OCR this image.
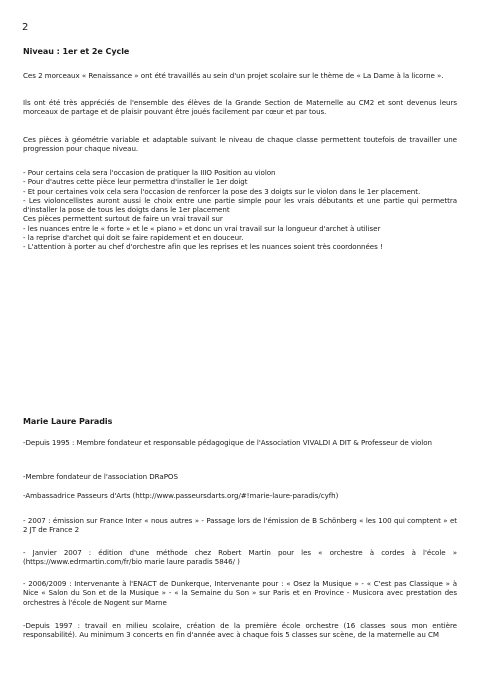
2
Niveau : 1er et 2e Cycle
Ces 2 morceaux « Renaissance » ont été travaillés au sein d'un projet scolaire sur le thème de « La Dame à la licorne ».
Ils ont été très appréciés de l'ensemble des élèves de la Grande Section de Maternelle au CM2 et sont devenus leurs morceaux de partage et de plaisir pouvant être joués facilement par cœur et par tous.
Ces pièces à géométrie variable et adaptable suivant le niveau de chaque classe permettent toutefois de travailler une progression pour chaque niveau.
- Pour certains cela sera l'occasion de pratiquer la IIIO Position au violon
- Pour d'autres cette pièce leur permettra d'installer le 1er doigt
- Et pour certaines voix cela sera l'occasion de renforcer la pose des 3 doigts sur le violon dans le 1er placement.
- Les violoncellistes auront aussi le choix entre une partie simple pour les vrais débutants et une partie qui permettra d'installer la pose de tous les doigts dans le 1er placement
Ces pièces permettent surtout de faire un vrai travail sur
- les nuances entre le « forte » et le « piano » et donc un vrai travail sur la longueur d'archet à utiliser
- la reprise d'archet qui doit se faire rapidement et en douceur.
- L'attention à porter au chef d'orchestre afin que les reprises et les nuances soient très coordonnées !
Marie Laure Paradis
-Depuis 1995 : Membre fondateur et responsable pédagogique de l'Association VIVALDI A DIT & Professeur de violon
-Membre fondateur de l'association DRaPOS
-Ambassadrice Passeurs d'Arts (http://www.passeursdarts.org/#!marie-laure-paradis/cyfh)
- 2007 : émission sur France Inter « nous autres » - Passage lors de l'émission de B Schönberg « les 100 qui comptent » et 2 JT de France 2
- Janvier 2007 : édition d'une méthode chez Robert Martin pour les « orchestre à cordes à l'école » (https://www.edrmartin.com/fr/bio marie laure paradis 5846/ )
- 2006/2009 : Intervenante à l'ENACT de Dunkerque, Intervenante pour : « Osez la Musique » - « C'est pas Classique » à Nice « Salon du Son et de la Musique » - « la Semaine du Son » sur Paris et en Province - Musicora avec prestation des orchestres à l'école de Nogent sur Marne
-Depuis 1997 : travail en milieu scolaire, création de la première école orchestre (16 classes sous mon entière responsabilité). Au minimum 3 concerts en fin d'année avec à chaque fois 5 classes sur scène, de la maternelle au CM
